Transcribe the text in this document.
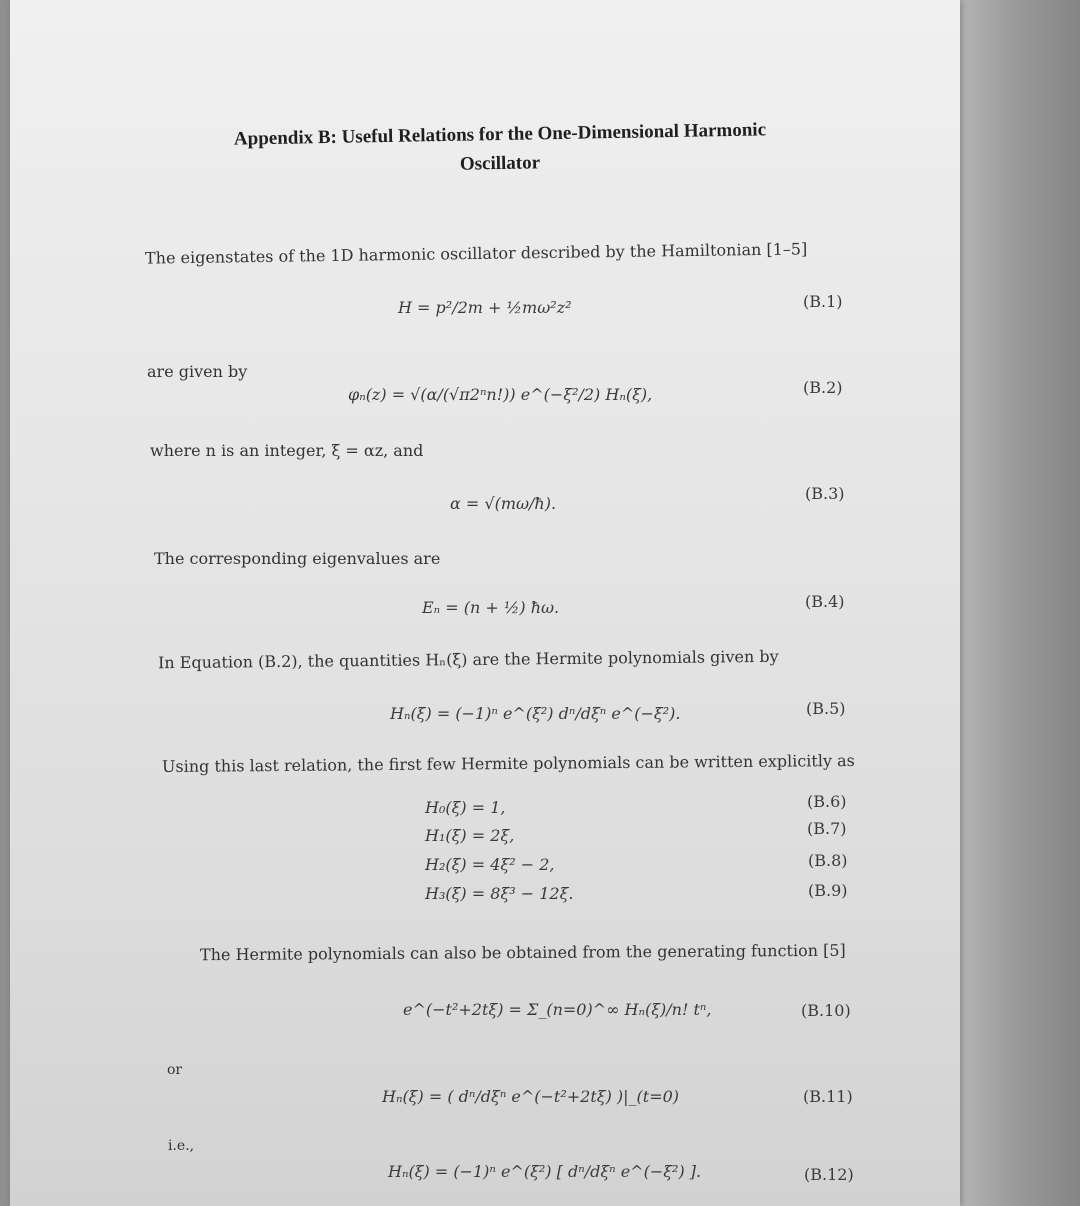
Appendix B: Useful Relations for the One-Dimensional Harmonic
Oscillator
The eigenstates of the 1D harmonic oscillator described by the Hamiltonian [1–5]
H = p²/2m + ½mω²z²	(B.1)
are given by
φₙ(z) = √(α/(√π2ⁿn!)) e^(−ξ²/2) Hₙ(ξ),	(B.2)
where n is an integer, ξ = αz, and
α = √(mω/ħ).
(B.3)
The corresponding eigenvalues are
Eₙ = (n + ½) ħω.	(B.4)
In Equation (B.2), the quantities Hₙ(ξ) are the Hermite polynomials given by
Hₙ(ξ) = (−1)ⁿ e^(ξ²) dⁿ/dξⁿ e^(−ξ²).	(B.5)
Using this last relation, the first few Hermite polynomials can be written explicitly as
H₀(ξ) = 1,	(B.6)
H₁(ξ) = 2ξ,	(B.7)
H₂(ξ) = 4ξ² − 2,	(B.8)
H₃(ξ) = 8ξ³ − 12ξ.	(B.9)
The Hermite polynomials can also be obtained from the generating function [5]
e^(−t²+2tξ) = Σ_(n=0)^∞ Hₙ(ξ)/n! tⁿ,	(B.10)
or
Hₙ(ξ) = ( dⁿ/dξⁿ e^(−t²+2tξ) )|_(t=0)	(B.11)
i.e.,
Hₙ(ξ) = (−1)ⁿ e^(ξ²) [ dⁿ/dξⁿ e^(−ξ²) ].	(B.12)
